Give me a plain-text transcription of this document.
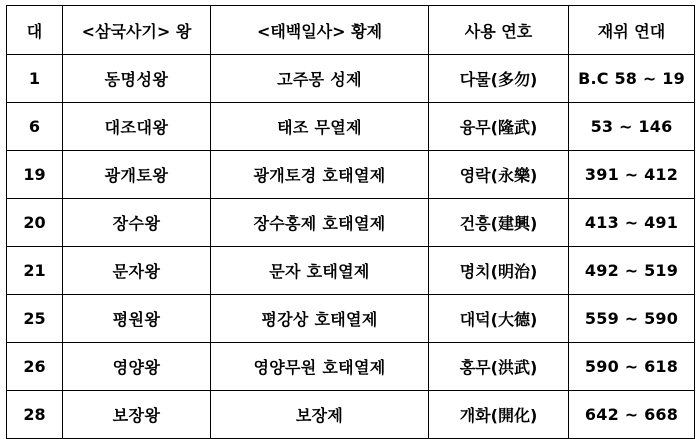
대	<삼국사기> 왕	<태백일사> 황제	사용 연호	재위 연대
1	동명성왕	고주몽 성제	다물(多勿)	B.C 58 ~ 19
6	대조대왕	태조 무열제	융무(隆武)	53 ~ 146
19	광개토왕	광개토경 호태열제	영락(永樂)	391 ~ 412
20	장수왕	장수홍제 호태열제	건흥(建興)	413 ~ 491
21	문자왕	문자 호태열제	명치(明治)	492 ~ 519
25	평원왕	평강상 호태열제	대덕(大德)	559 ~ 590
26	영양왕	영양무원 호태열제	홍무(洪武)	590 ~ 618
28	보장왕	보장제	개화(開化)	642 ~ 668
